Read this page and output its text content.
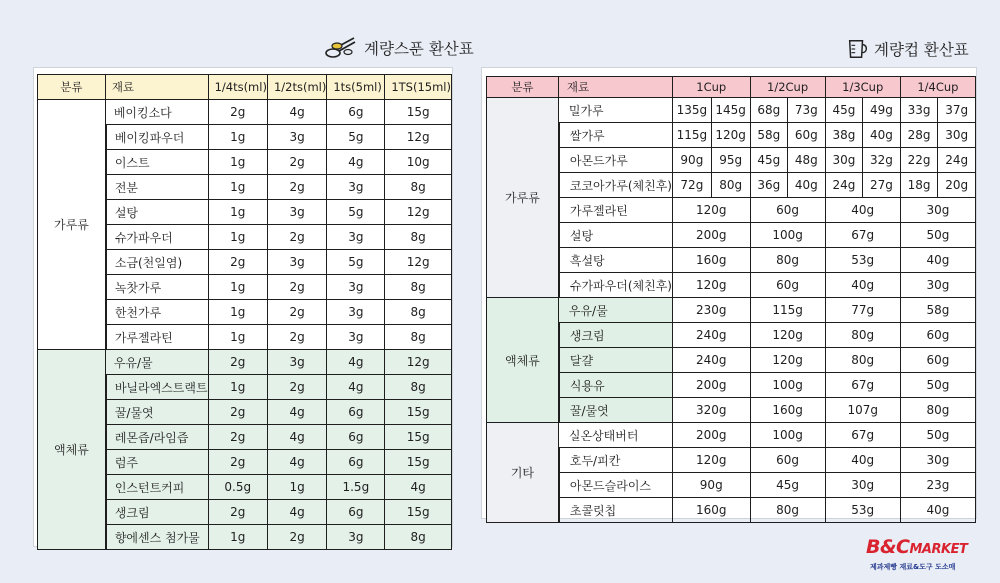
계량스푼 환산표	계량컵 환산표
분류	재료	1/4ts(ml)	1/2ts(ml)	1ts(5ml)	1TS(15ml)
가루류	베이킹소다	2g	4g	6g	15g
	베이킹파우더	1g	3g	5g	12g
	이스트	1g	2g	4g	10g
	전분	1g	2g	3g	8g
	설탕	1g	3g	5g	12g
	슈가파우더	1g	2g	3g	8g
	소금(천일염)	2g	3g	5g	12g
	녹찻가루	1g	2g	3g	8g
	한천가루	1g	2g	3g	8g
	가루젤라틴	1g	2g	3g	8g
액체류	우유/물	2g	3g	4g	12g
	바닐라엑스트랙트	1g	2g	4g	8g
	꿀/물엿	2g	4g	6g	15g
	레몬즙/라임즙	2g	4g	6g	15g
	럼주	2g	4g	6g	15g
	인스턴트커피	0.5g	1g	1.5g	4g
	생크림	2g	4g	6g	15g
	향에센스 첨가물	1g	2g	3g	8g
분류	재료	1Cup		1/2Cup		1/3Cup		1/4Cup	
가루류	밀가루	135g	145g	68g	73g	45g	49g	33g	37g
	쌀가루	115g	120g	58g	60g	38g	40g	28g	30g
	아몬드가루	90g	95g	45g	48g	30g	32g	22g	24g
	코코아가루(체친후)	72g	80g	36g	40g	24g	27g	18g	20g
	가루젤라틴	120g		60g		40g		30g	
	설탕	200g		100g		67g		50g	
	흑설탕	160g		80g		53g		40g	
	슈가파우더(체친후)	120g		60g		40g		30g	
액체류	우유/물	230g		115g		77g		58g	
	생크림	240g		120g		80g		60g	
	달걀	240g		120g		80g		60g	
	식용유	200g		100g		67g		50g	
	꿀/물엿	320g		160g		107g		80g	
기타	실온상태버터	200g		100g		67g		50g	
	호두/피칸	120g		60g		40g		30g	
	아몬드슬라이스	90g		45g		30g		23g	
	초콜릿칩	160g		80g		53g		40g	
B&CMARKET
제과제빵 재료&도구 도소매
